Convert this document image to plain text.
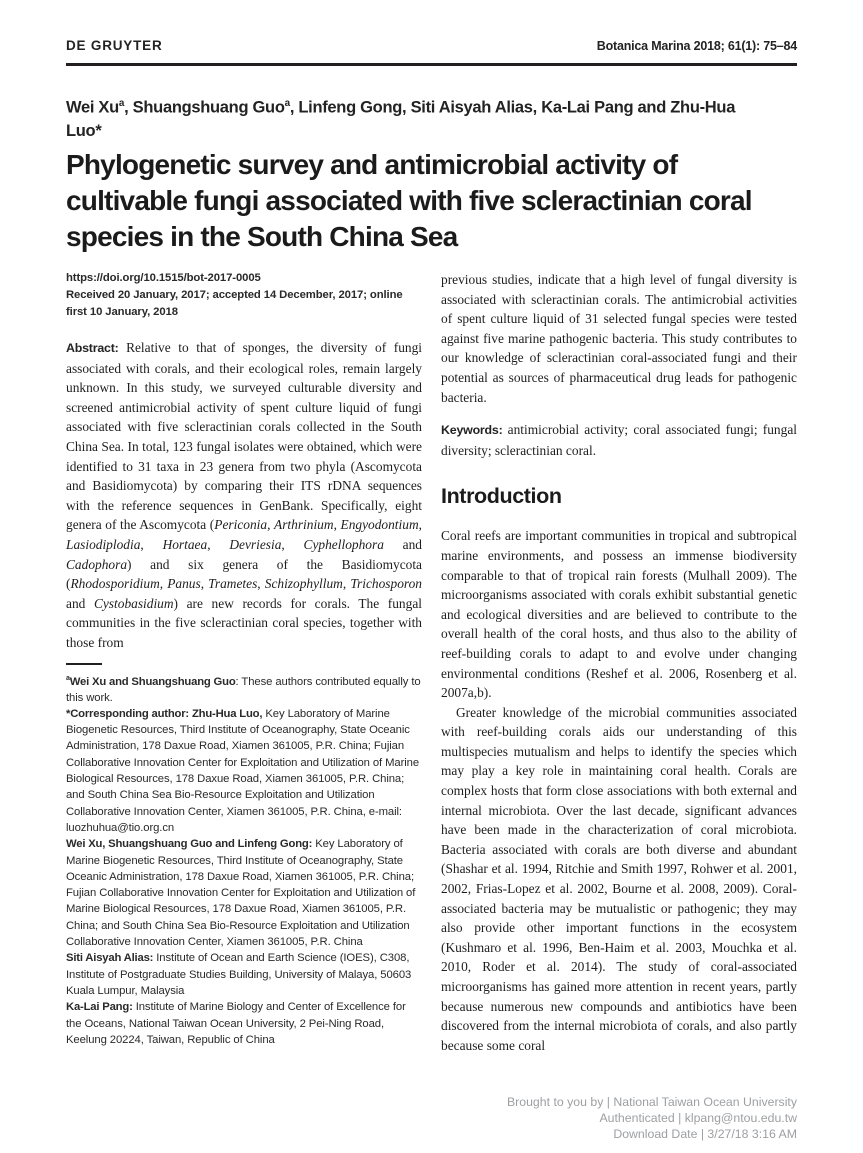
DE GRUYTER	Botanica Marina 2018; 61(1): 75–84
Wei Xu$^a$, Shuangshuang Guo$^a$, Linfeng Gong, Siti Aisyah Alias, Ka-Lai Pang and Zhu-Hua Luo*
Phylogenetic survey and antimicrobial activity of cultivable fungi associated with five scleractinian coral species in the South China Sea
https://doi.org/10.1515/bot-2017-0005
Received 20 January, 2017; accepted 14 December, 2017; online first 10 January, 2018

Abstract: Relative to that of sponges, the diversity of fungi associated with corals, and their ecological roles, remain largely unknown. In this study, we surveyed culturable diversity and screened antimicrobial activity of spent culture liquid of fungi associated with five scleractinian corals collected in the South China Sea. In total, 123 fungal isolates were obtained, which were identified to 31 taxa in 23 genera from two phyla (Ascomycota and Basidiomycota) by comparing their ITS rDNA sequences with the reference sequences in GenBank. Specifically, eight genera of the Ascomycota (Periconia, Arthrinium, Engyodontium, Lasiodiplodia, Hortaea, Devriesia, Cyphellophora and Cadophora) and six genera of the Basidiomycota (Rhodosporidium, Panus, Trametes, Schizophyllum, Trichosporon and Cystobasidium) are new records for corals. The fungal communities in the five scleractinian coral species, together with those from

$^a$Wei Xu and Shuangshuang Guo: These authors contributed equally to this work.

*Corresponding author: Zhu-Hua Luo, Key Laboratory of Marine Biogenetic Resources, Third Institute of Oceanography, State Oceanic Administration, 178 Daxue Road, Xiamen 361005, P.R. China; Fujian Collaborative Innovation Center for Exploitation and Utilization of Marine Biological Resources, 178 Daxue Road, Xiamen 361005, P.R. China; and South China Sea Bio-Resource Exploitation and Utilization Collaborative Innovation Center, Xiamen 361005, P.R. China, e-mail: luozhuhua@tio.org.cn

Wei Xu, Shuangshuang Guo and Linfeng Gong: Key Laboratory of Marine Biogenetic Resources, Third Institute of Oceanography, State Oceanic Administration, 178 Daxue Road, Xiamen 361005, P.R. China; Fujian Collaborative Innovation Center for Exploitation and Utilization of Marine Biological Resources, 178 Daxue Road, Xiamen 361005, P.R. China; and South China Sea Bio-Resource Exploitation and Utilization Collaborative Innovation Center, Xiamen 361005, P.R. China

Siti Aisyah Alias: Institute of Ocean and Earth Science (IOES), C308, Institute of Postgraduate Studies Building, University of Malaya, 50603 Kuala Lumpur, Malaysia

Ka-Lai Pang: Institute of Marine Biology and Center of Excellence for the Oceans, National Taiwan Ocean University, 2 Pei-Ning Road, Keelung 20224, Taiwan, Republic of China

previous studies, indicate that a high level of fungal diversity is associated with scleractinian corals. The antimicrobial activities of spent culture liquid of 31 selected fungal species were tested against five marine pathogenic bacteria. This study contributes to our knowledge of scleractinian coral-associated fungi and their potential as sources of pharmaceutical drug leads for pathogenic bacteria.

Keywords: antimicrobial activity; coral associated fungi; fungal diversity; scleractinian coral.

Introduction

Coral reefs are important communities in tropical and subtropical marine environments, and possess an immense biodiversity comparable to that of tropical rain forests (Mulhall 2009). The microorganisms associated with corals exhibit substantial genetic and ecological diversities and are believed to contribute to the overall health of the coral hosts, and thus also to the ability of reef-building corals to adapt to and evolve under changing environmental conditions (Reshef et al. 2006, Rosenberg et al. 2007a,b).

Greater knowledge of the microbial communities associated with reef-building corals aids our understanding of this multispecies mutualism and helps to identify the species which may play a key role in maintaining coral health. Corals are complex hosts that form close associations with both external and internal microbiota. Over the last decade, significant advances have been made in the characterization of coral microbiota. Bacteria associated with corals are both diverse and abundant (Shashar et al. 1994, Ritchie and Smith 1997, Rohwer et al. 2001, 2002, Frias-Lopez et al. 2002, Bourne et al. 2008, 2009). Coral-associated bacteria may be mutualistic or pathogenic; they may also provide other important functions in the ecosystem (Kushmaro et al. 1996, Ben-Haim et al. 2003, Mouchka et al. 2010, Roder et al. 2014). The study of coral-associated microorganisms has gained more attention in recent years, partly because numerous new compounds and antibiotics have been discovered from the internal microbiota of corals, and also partly because some coral

Brought to you by | National Taiwan Ocean University
Authenticated | klpang@ntou.edu.tw
Download Date | 3/27/18 3:16 AM
